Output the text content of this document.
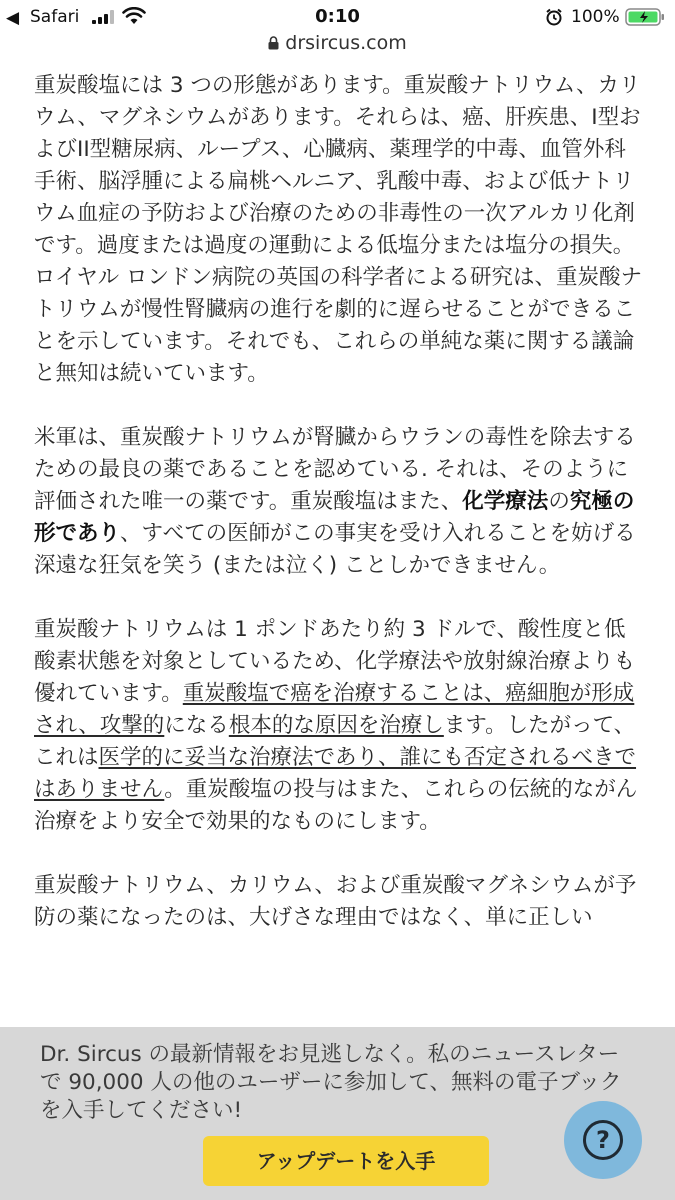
◀ Safari	0:10	100%
drsircus.com

重炭酸塩には 3 つの形態があります。重炭酸ナトリウム、カリウム、マグネシウムがあります。それらは、癌、肝疾患、I型およびII型糖尿病、ループス、心臓病、薬理学的中毒、血管外科手術、脳浮腫による扁桃ヘルニア、乳酸中毒、および低ナトリウム血症の予防および治療のための非毒性の一次アルカリ化剤です。過度または過度の運動による低塩分または塩分の損失。ロイヤル ロンドン病院の英国の科学者による研究は、重炭酸ナトリウムが慢性腎臓病の進行を劇的に遅らせることができることを示しています。それでも、これらの単純な薬に関する議論と無知は続いています。

米軍は、重炭酸ナトリウムが腎臓からウランの毒性を除去するための最良の薬であることを認めている. それは、そのように評価された唯一の薬です。重炭酸塩はまた、化学療法の究極の形であり、すべての医師がこの事実を受け入れることを妨げる深遠な狂気を笑う (または泣く) ことしかできません。

重炭酸ナトリウムは 1 ポンドあたり約 3 ドルで、酸性度と低酸素状態を対象としているため、化学療法や放射線治療よりも優れています。重炭酸塩で癌を治療することは、癌細胞が形成され、攻撃的になる根本的な原因を治療します。したがって、これは医学的に妥当な治療法であり、誰にも否定されるべきではありません。重炭酸塩の投与はまた、これらの伝統的ながん治療をより安全で効果的なものにします。

重炭酸ナトリウム、カリウム、および重炭酸マグネシウムが予防の薬になったのは、大げさな理由ではなく、単に正しい

Dr. Sircus の最新情報をお見逃しなく。私のニュースレターで 90,000 人の他のユーザーに参加して、無料の電子ブックを入手してください!
アップデートを入手
?
